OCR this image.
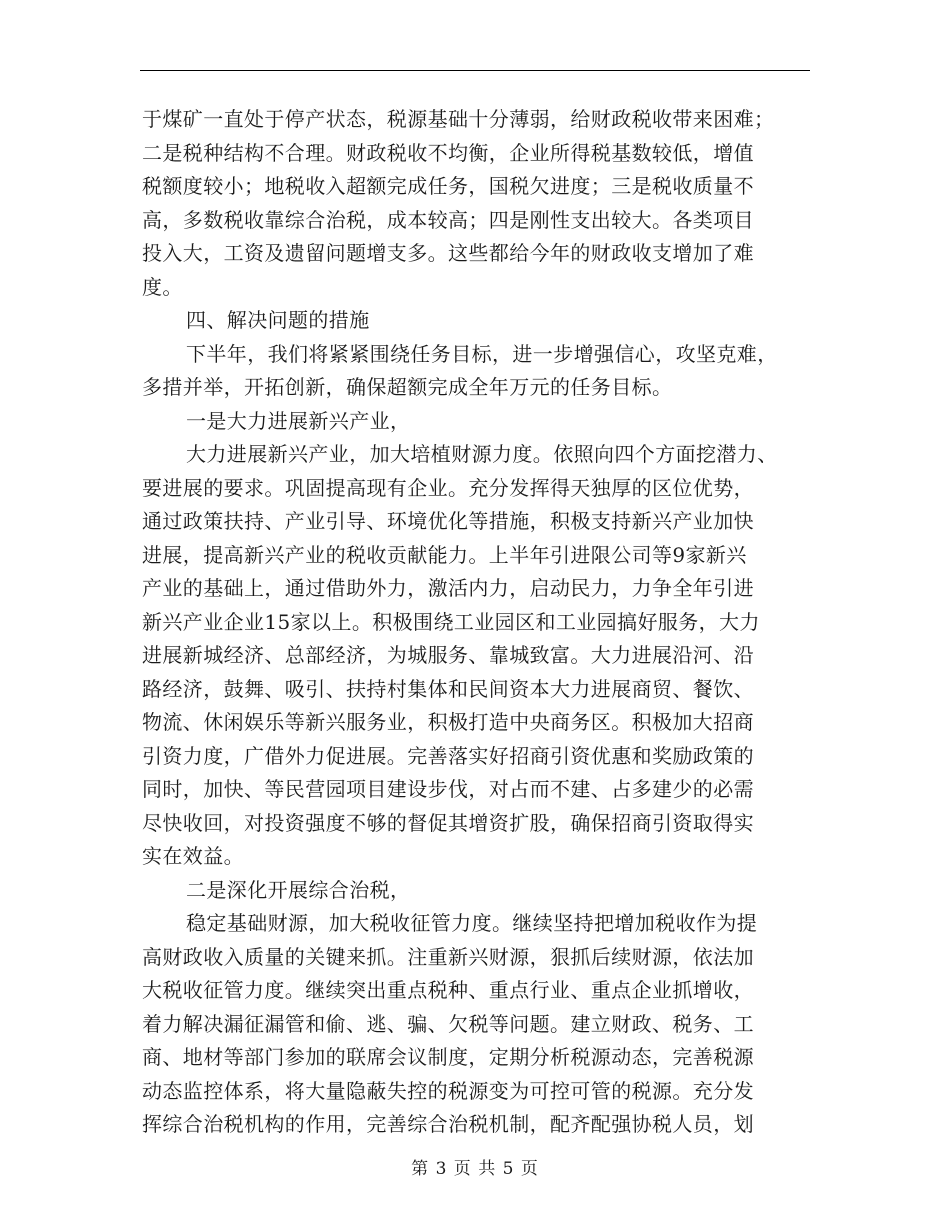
于煤矿一直处于停产状态，税源基础十分薄弱，给财政税收带来困难；
二是税种结构不合理。财政税收不均衡，企业所得税基数较低，增值
税额度较小；地税收入超额完成任务，国税欠进度；三是税收质量不
高，多数税收靠综合治税，成本较高；四是刚性支出较大。各类项目
投入大，工资及遗留问题增支多。这些都给今年的财政收支增加了难
度。
四、解决问题的措施
下半年，我们将紧紧围绕任务目标，进一步增强信心，攻坚克难，
多措并举，开拓创新，确保超额完成全年万元的任务目标。
一是大力进展新兴产业，
大力进展新兴产业，加大培植财源力度。依照向四个方面挖潜力、
要进展的要求。巩固提高现有企业。充分发挥得天独厚的区位优势，
通过政策扶持、产业引导、环境优化等措施，积极支持新兴产业加快
进展，提高新兴产业的税收贡献能力。上半年引进限公司等9家新兴
产业的基础上，通过借助外力，激活内力，启动民力，力争全年引进
新兴产业企业15家以上。积极围绕工业园区和工业园搞好服务，大力
进展新城经济、总部经济，为城服务、靠城致富。大力进展沿河、沿
路经济，鼓舞、吸引、扶持村集体和民间资本大力进展商贸、餐饮、
物流、休闲娱乐等新兴服务业，积极打造中央商务区。积极加大招商
引资力度，广借外力促进展。完善落实好招商引资优惠和奖励政策的
同时，加快、等民营园项目建设步伐，对占而不建、占多建少的必需
尽快收回，对投资强度不够的督促其增资扩股，确保招商引资取得实
实在效益。
二是深化开展综合治税，
稳定基础财源，加大税收征管力度。继续坚持把增加税收作为提
高财政收入质量的关键来抓。注重新兴财源，狠抓后续财源，依法加
大税收征管力度。继续突出重点税种、重点行业、重点企业抓增收，
着力解决漏征漏管和偷、逃、骗、欠税等问题。建立财政、税务、工
商、地材等部门参加的联席会议制度，定期分析税源动态，完善税源
动态监控体系，将大量隐蔽失控的税源变为可控可管的税源。充分发
挥综合治税机构的作用，完善综合治税机制，配齐配强协税人员，划
第 3 页 共 5 页
